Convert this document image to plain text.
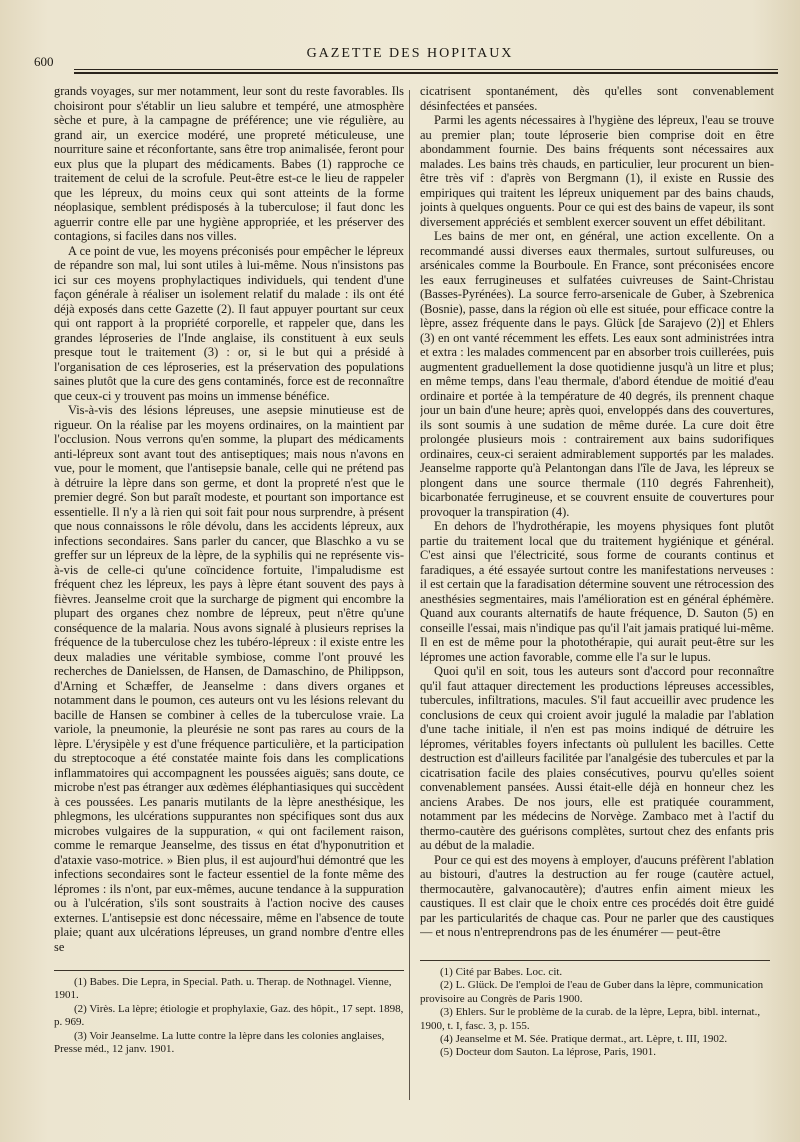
600
GAZETTE DES HOPITAUX

grands voyages, sur mer notamment, leur sont du reste favorables. Ils choisiront pour s'établir un lieu salubre et tempéré, une atmosphère sèche et pure, à la campagne de préférence; une vie régulière, au grand air, un exercice modéré, une propreté méticuleuse, une nourriture saine et réconfortante, sans être trop animalisée, feront pour eux plus que la plupart des médicaments. Babes (1) rapproche ce traitement de celui de la scrofule. Peut-être est-ce le lieu de rappeler que les lépreux, du moins ceux qui sont atteints de la forme néoplasique, semblent prédisposés à la tuberculose; il faut donc les aguerrir contre elle par une hygiène appropriée, et les préserver des contagions, si faciles dans nos villes.

A ce point de vue, les moyens préconisés pour empêcher le lépreux de répandre son mal, lui sont utiles à lui-même. Nous n'insistons pas ici sur ces moyens prophylactiques individuels, qui tendent d'une façon générale à réaliser un isolement relatif du malade : ils ont été déjà exposés dans cette Gazette (2). Il faut appuyer pourtant sur ceux qui ont rapport à la propriété corporelle, et rappeler que, dans les grandes léproseries de l'Inde anglaise, ils constituent à eux seuls presque tout le traitement (3) : or, si le but qui a présidé à l'organisation de ces léproseries, est la préservation des populations saines plutôt que la cure des gens contaminés, force est de reconnaître que ceux-ci y trouvent pas moins un immense bénéfice.

Vis-à-vis des lésions lépreuses, une asepsie minutieuse est de rigueur. On la réalise par les moyens ordinaires, on la maintient par l'occlusion. Nous verrons qu'en somme, la plupart des médicaments anti-lépreux sont avant tout des antiseptiques; mais nous n'avons en vue, pour le moment, que l'antisepsie banale, celle qui ne prétend pas à détruire la lèpre dans son germe, et dont la propreté n'est que le premier degré. Son but paraît modeste, et pourtant son importance est essentielle. Il n'y a là rien qui soit fait pour nous surprendre, à présent que nous connaissons le rôle dévolu, dans les accidents lépreux, aux infections secondaires. Sans parler du cancer, que Blaschko a vu se greffer sur un lépreux de la lèpre, de la syphilis qui ne représente vis-à-vis de celle-ci qu'une coïncidence fortuite, l'impaludisme est fréquent chez les lépreux, les pays à lèpre étant souvent des pays à fièvres. Jeanselme croit que la surcharge de pigment qui encombre la plupart des organes chez nombre de lépreux, peut n'être qu'une conséquence de la malaria. Nous avons signalé à plusieurs reprises la fréquence de la tuberculose chez les tubéro-lépreux : il existe entre les deux maladies une véritable symbiose, comme l'ont prouvé les recherches de Danielssen, de Hansen, de Damaschino, de Philippson, d'Arning et Schæffer, de Jeanselme : dans divers organes et notamment dans le poumon, ces auteurs ont vu les lésions relevant du bacille de Hansen se combiner à celles de la tuberculose vraie. La variole, la pneumonie, la pleurésie ne sont pas rares au cours de la lèpre. L'érysipèle y est d'une fréquence particulière, et la participation du streptocoque a été constatée mainte fois dans les complications inflammatoires qui accompagnent les poussées aiguës; sans doute, ce microbe n'est pas étranger aux œdèmes éléphantiasiques qui succèdent à ces poussées. Les panaris mutilants de la lèpre anesthésique, les phlegmons, les ulcérations suppurantes non spécifiques sont dus aux microbes vulgaires de la suppuration, « qui ont facilement raison, comme le remarque Jeanselme, des tissus en état d'hyponutrition et d'ataxie vaso-motrice. » Bien plus, il est aujourd'hui démontré que les infections secondaires sont le facteur essentiel de la fonte même des lépromes : ils n'ont, par eux-mêmes, aucune tendance à la suppuration ou à l'ulcération, s'ils sont soustraits à l'action nocive des causes externes. L'antisepsie est donc nécessaire, même en l'absence de toute plaie; quant aux ulcérations lépreuses, un grand nombre d'entre elles se

(1) Babes. Die Lepra, in Special. Path. u. Therap. de Nothnagel. Vienne, 1901.

(2) Virès. La lèpre; étiologie et prophylaxie, Gaz. des hôpit., 17 sept. 1898, p. 969.

(3) Voir Jeanselme. La lutte contre la lèpre dans les colonies anglaises, Presse méd., 12 janv. 1901.

cicatrisent spontanément, dès qu'elles sont convenablement désinfectées et pansées.

Parmi les agents nécessaires à l'hygiène des lépreux, l'eau se trouve au premier plan; toute léproserie bien comprise doit en être abondamment fournie. Des bains fréquents sont nécessaires aux malades. Les bains très chauds, en particulier, leur procurent un bien-être très vif : d'après von Bergmann (1), il existe en Russie des empiriques qui traitent les lépreux uniquement par des bains chauds, joints à quelques onguents. Pour ce qui est des bains de vapeur, ils sont diversement appréciés et semblent exercer souvent un effet débilitant.

Les bains de mer ont, en général, une action excellente. On a recommandé aussi diverses eaux thermales, surtout sulfureuses, ou arsénicales comme la Bourboule. En France, sont préconisées encore les eaux ferrugineuses et sulfatées cuivreuses de Saint-Christau (Basses-Pyrénées). La source ferro-arsenicale de Guber, à Szebrenica (Bosnie), passe, dans la région où elle est située, pour efficace contre la lèpre, assez fréquente dans le pays. Glück [de Sarajevo (2)] et Ehlers (3) en ont vanté récemment les effets. Les eaux sont administrées intra et extra : les malades commencent par en absorber trois cuillerées, puis augmentent graduellement la dose quotidienne jusqu'à un litre et plus; en même temps, dans l'eau thermale, d'abord étendue de moitié d'eau ordinaire et portée à la température de 40 degrés, ils prennent chaque jour un bain d'une heure; après quoi, enveloppés dans des couvertures, ils sont soumis à une sudation de même durée. La cure doit être prolongée plusieurs mois : contrairement aux bains sudorifiques ordinaires, ceux-ci seraient admirablement supportés par les malades. Jeanselme rapporte qu'à Pelantongan dans l'île de Java, les lépreux se plongent dans une source thermale (110 degrés Fahrenheit), bicarbonatée ferrugineuse, et se couvrent ensuite de couvertures pour provoquer la transpiration (4).

En dehors de l'hydrothérapie, les moyens physiques font plutôt partie du traitement local que du traitement hygiénique et général. C'est ainsi que l'électricité, sous forme de courants continus et faradiques, a été essayée surtout contre les manifestations nerveuses : il est certain que la faradisation détermine souvent une rétrocession des anesthésies segmentaires, mais l'amélioration est en général éphémère. Quand aux courants alternatifs de haute fréquence, D. Sauton (5) en conseille l'essai, mais n'indique pas qu'il l'ait jamais pratiqué lui-même. Il en est de même pour la photothérapie, qui aurait peut-être sur les lépromes une action favorable, comme elle l'a sur le lupus.

Quoi qu'il en soit, tous les auteurs sont d'accord pour reconnaître qu'il faut attaquer directement les productions lépreuses accessibles, tubercules, infiltrations, macules. S'il faut accueillir avec prudence les conclusions de ceux qui croient avoir jugulé la maladie par l'ablation d'une tache initiale, il n'en est pas moins indiqué de détruire les lépromes, véritables foyers infectants où pullulent les bacilles. Cette destruction est d'ailleurs facilitée par l'analgésie des tubercules et par la cicatrisation facile des plaies consécutives, pourvu qu'elles soient convenablement pansées. Aussi était-elle déjà en honneur chez les anciens Arabes. De nos jours, elle est pratiquée couramment, notamment par les médecins de Norvège. Zambaco met à l'actif du thermo-cautère des guérisons complètes, surtout chez des enfants pris au début de la maladie.

Pour ce qui est des moyens à employer, d'aucuns préfèrent l'ablation au bistouri, d'autres la destruction au fer rouge (cautère actuel, thermocautère, galvanocautère); d'autres enfin aiment mieux les caustiques. Il est clair que le choix entre ces procédés doit être guidé par les particularités de chaque cas. Pour ne parler que des caustiques — et nous n'entreprendrons pas de les énumérer — peut-être

(1) Cité par Babes. Loc. cit.

(2) L. Glück. De l'emploi de l'eau de Guber dans la lèpre, communication provisoire au Congrès de Paris 1900.

(3) Ehlers. Sur le problème de la curab. de la lèpre, Lepra, bibl. internat., 1900, t. I, fasc. 3, p. 155.

(4) Jeanselme et M. Sée. Pratique dermat., art. Lèpre, t. III, 1902.

(5) Docteur dom Sauton. La léprose, Paris, 1901.
